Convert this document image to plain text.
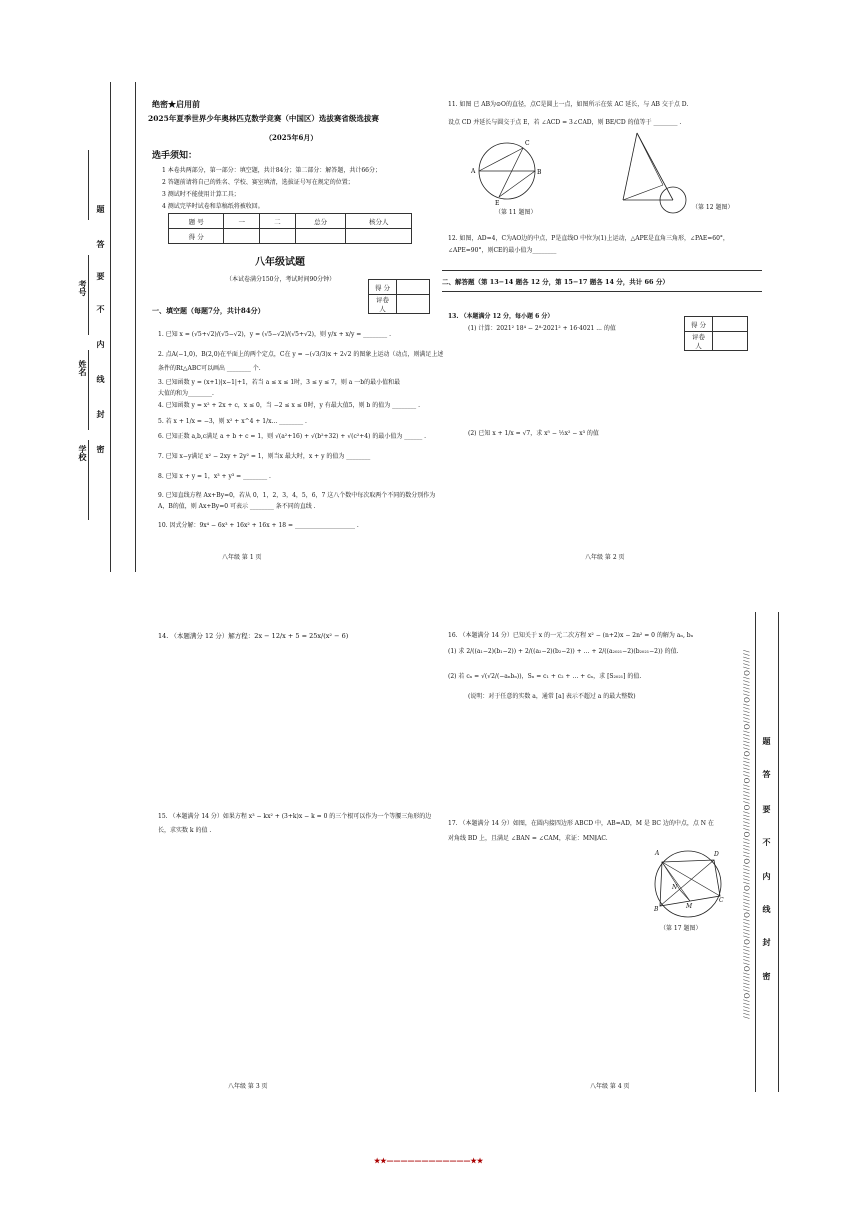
考号
姓名
学校
题
答
要
不
内
线
封
密
绝密★启用前
2025年夏季世界少年奥林匹克数学竞赛（中国区）选拔赛省级选拔赛
（2025年6月）
选手须知：
1 本卷共两部分，第一部分：填空题，共计84分；第二部分：解答题，共计66分；
2 答题前请将自己的姓名、学校、赛室填清，选拔证号写在规定的位置；
3 测试时不能使用计算工具；
4 测试完毕时试卷和草稿纸将被收回。
题 号	一	二	总分	核分人
得 分				
八年级试题
（本试卷满分150分，考试时间90分钟）
得 分	
评卷人	
一、填空题（每题7分，共计84分）
1. 已知 x = (√5+√2)/(√5−√2)，y = (√5−√2)/(√5+√2)，则 y/x + x/y = ________ .
2. 点A(−1,0)，B(2,0)在平面上的两个定点，C在 y = −(√3/3)x + 2√2 的图象上运动（动点，则满足上述
条件的Rt△ABC可以画出 ________ 个.
3. 已知函数 y = (x+1)|x−1|+1，若当 a ≤ x ≤ 1时，3 ≤ y ≤ 7，则 a 一b的最小值和最
大值的和为________.
4. 已知函数 y = x² + 2x + c，x ≤ 0，当 −2 ≤ x ≤ 0时，y 有最大值5，则 b 的值为 ________ .
5. 若 x + 1/x = −3，则 x² + x^4 + 1/x... ________ .
6. 已知正数 a,b,c满足 a + b + c = 1，则 √(a²+16) + √(b²+32) + √(c²+4) 的最小值为 ______ .
7. 已知 x−y满足 x² − 2xy + 2y² = 1，则当x 最大时，x + y 的值为 ________
8. 已知 x + y = 1，x³ + y³ = ________ .
9. 已知直线方程 Ax+By=0，若从 0，1，2，3，4，5，6，7 这八个数中每次取两个不同的数分别作为
A，B的值，则 Ax+By=0 可表示 ________ 条不同的直线 .
10. 因式分解：9x⁴ − 6x³ + 16x² + 16x + 18 = ____________________ .
八年级 第 1 页
11. 如图 已 AB为⊙O的直径，点C是圆上一点，如图所示在弦 AC 延长，与 AB 交于点 D.
设点 CD 并延长与圆交于点 E，若 ∠ACD = 3∠CAD，则 BE/CD 的值等于 ________ .
A
C
B
E
（第 11 题图）
（第 12 题图）
12. 如图，AD=4，C为AO边的中点，P是直线O 中位为(1)上运动，△APE是直角三角形，∠PAE=60°，
∠APE=90°，则CE的最小值为________
二、解答题（第 13−14 题各 12 分，第 15−17 题各 14 分，共计 66 分）
13. （本题满分 12 分，每小题 6 分）
(1) 计算：2021² 18⁴ − 2⁸·2021² + 16·4021 ... 的值	得 分	
评卷人	
(2) 已知 x + 1/x = √7，求 x⁵ − ½x² − x³ 的值
八年级 第 2 页
14. （本题满分 12 分）解方程：2x − 12/x + 5 = 25x/(x² − 6)
15. （本题满分 14 分）如果方程 x³ − kx² + (3+k)x − k = 0 的三个根可以作为一个等腰三角形的边
长，求实数 k 的值 .
八年级 第 3 页
16. （本题满分 14 分）已知关于 x 的一元二次方程 x² − (n+2)x − 2n² = 0 的解为 aₙ, bₙ
(1) 求 2/((a₁−2)(b₁−2)) + 2/((a₂−2)(b₂−2)) + … + 2/((a₂₀₂₁−2)(b₂₀₂₁−2)) 的值.
(2) 若 cₙ = √(√2/(−aₙbₙ))，Sₙ = c₁ + c₂ + … + cₙ，求 [S₂₀₂₁] 的值.
(说明：对于任意的实数 a，通常 [a] 表示不超过 a 的最大整数)
17. （本题满分 14 分）如图，在圆内接四边形 ABCD 中，AB=AD，M 是 BC 边的中点，点 N 在
对角线 BD 上，且满足 ∠BAN = ∠CAM，求证：MN∥AC.
A	D
N
B	M
C
（第 17 题图）
八年级 第 4 页
//////O//////O//////O//////O//////O//////O//////O//////O//////O//////O//////O//////O//////O////// 题
答
要
不
内
线
封
密
★★————————————★★
